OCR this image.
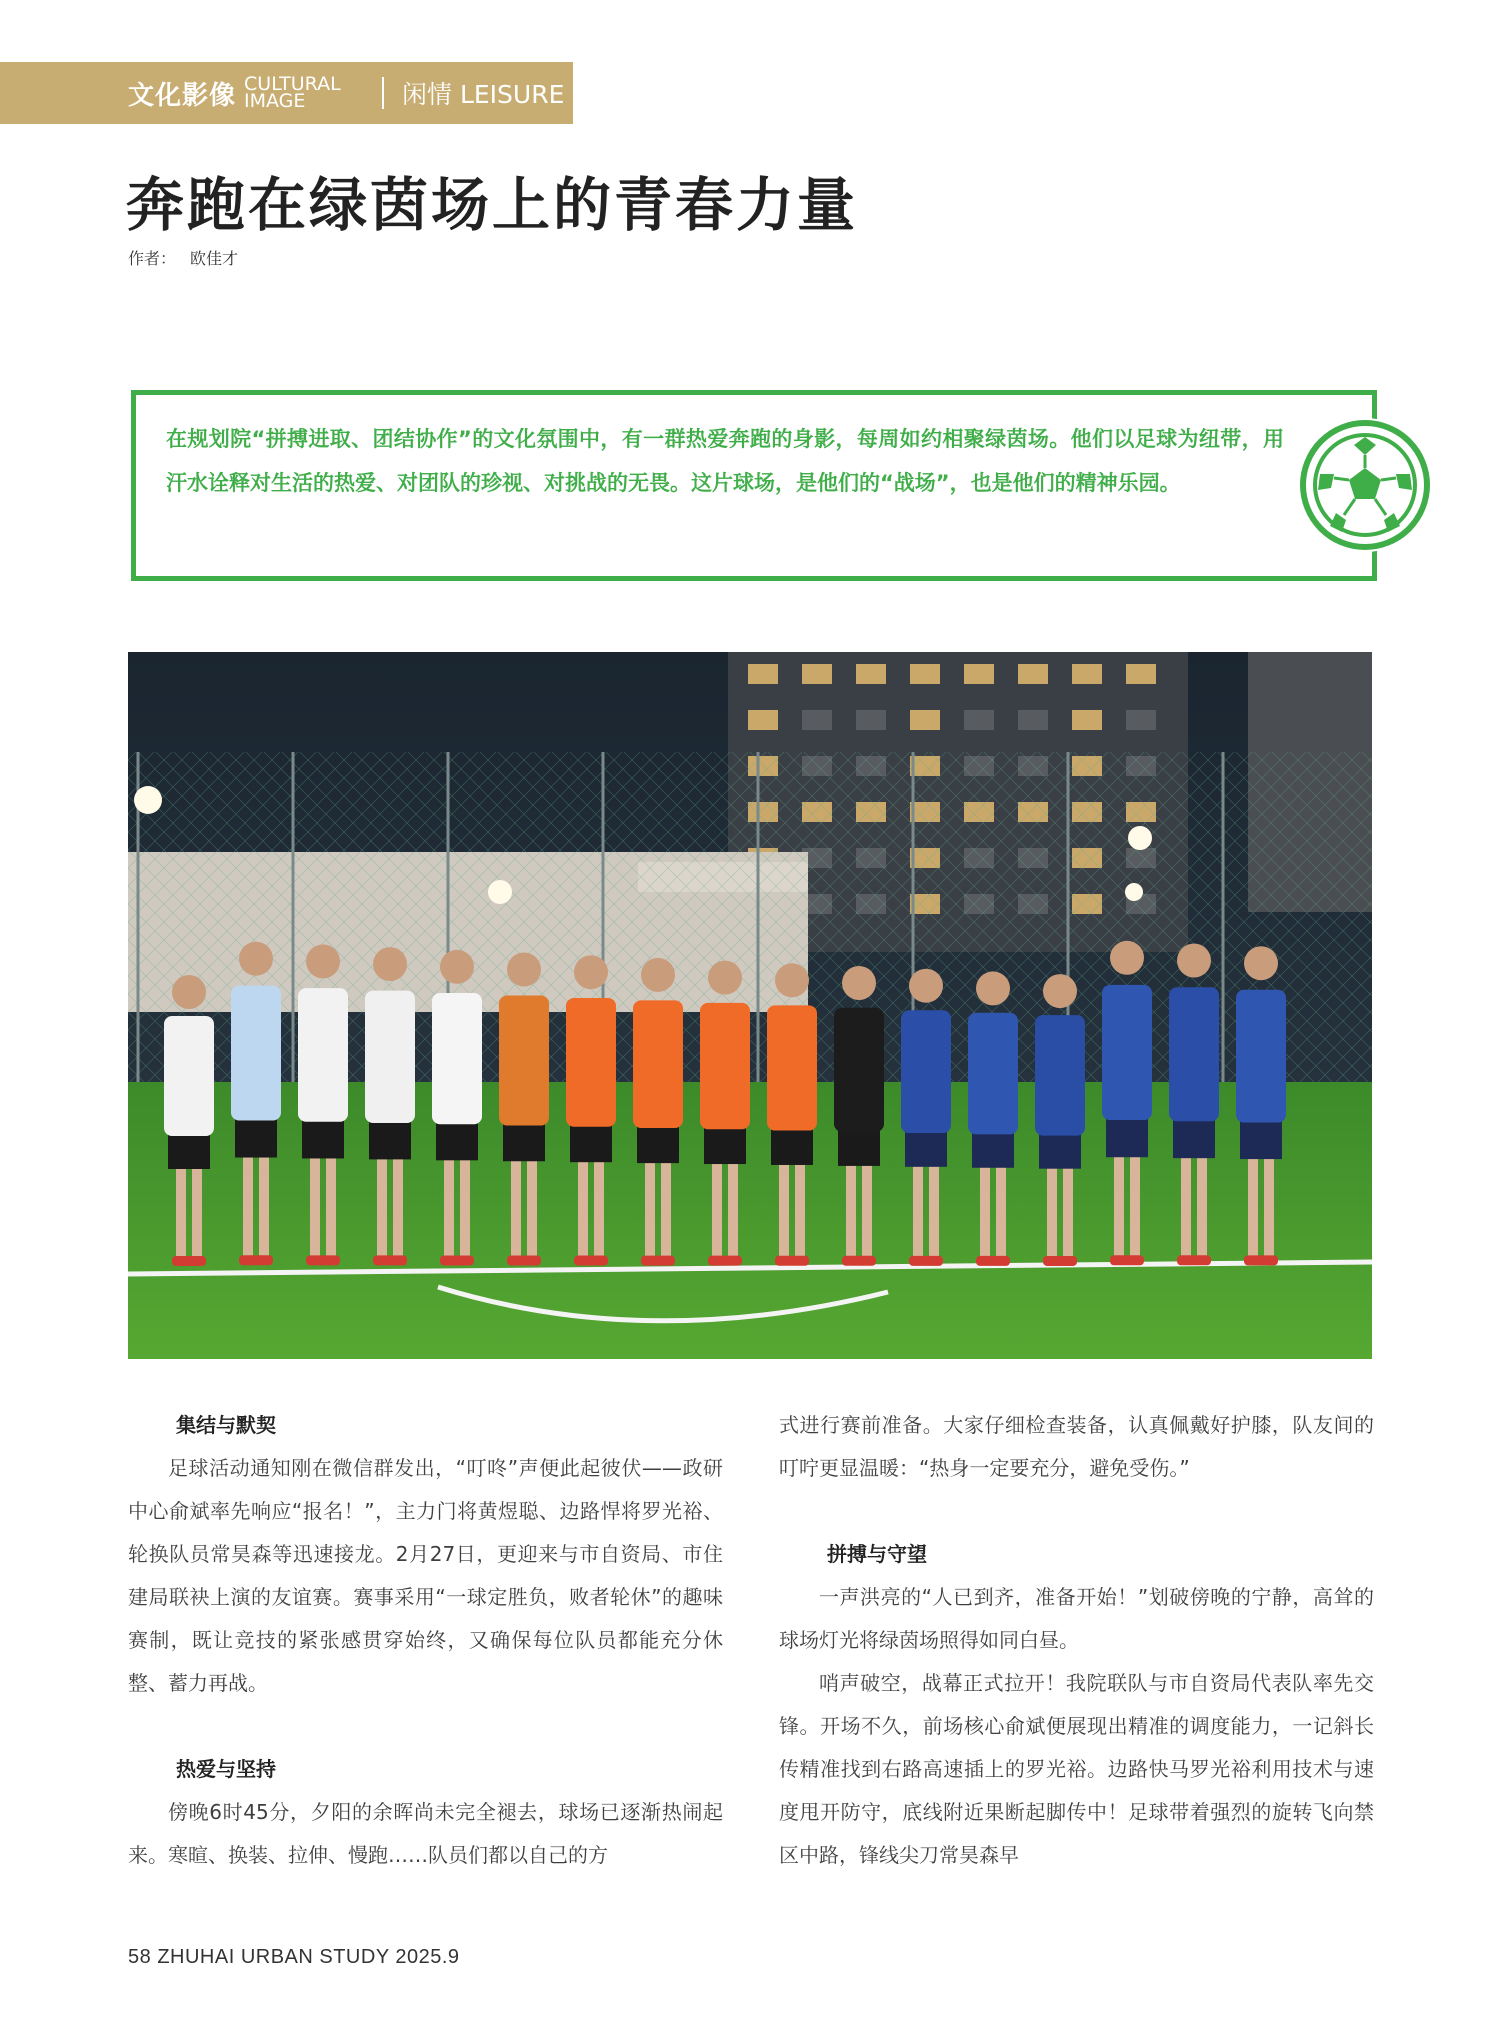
文化影像 CULTURAL IMAGE	闲情 LEISURE
奔跑在绿茵场上的青春力量
作者： 欧佳才

在规划院“拼搏进取、团结协作”的文化氛围中，有一群热爱奔跑的身影，每周如约相聚绿茵场。他们以足球为纽带，用汗水诠释对生活的热爱、对团队的珍视、对挑战的无畏。这片球场，是他们的“战场”，也是他们的精神乐园。

集结与默契

足球活动通知刚在微信群发出，“叮咚”声便此起彼伏——政研中心俞斌率先响应“报名！”，主力门将黄煜聪、边路悍将罗光裕、轮换队员常昊森等迅速接龙。2月27日，更迎来与市自资局、市住建局联袂上演的友谊赛。赛事采用“一球定胜负，败者轮休”的趣味赛制，既让竞技的紧张感贯穿始终，又确保每位队员都能充分休整、蓄力再战。

热爱与坚持

傍晚6时45分，夕阳的余晖尚未完全褪去，球场已逐渐热闹起来。寒暄、换装、拉伸、慢跑……队员们都以自己的方

式进行赛前准备。大家仔细检查装备，认真佩戴好护膝，队友间的叮咛更显温暖：“热身一定要充分，避免受伤。”

拼搏与守望

一声洪亮的“人已到齐，准备开始！”划破傍晚的宁静，高耸的球场灯光将绿茵场照得如同白昼。

哨声破空，战幕正式拉开！我院联队与市自资局代表队率先交锋。开场不久，前场核心俞斌便展现出精准的调度能力，一记斜长传精准找到右路高速插上的罗光裕。边路快马罗光裕利用技术与速度甩开防守，底线附近果断起脚传中！足球带着强烈的旋转飞向禁区中路，锋线尖刀常昊森早

58 ZHUHAI URBAN STUDY 2025.9
